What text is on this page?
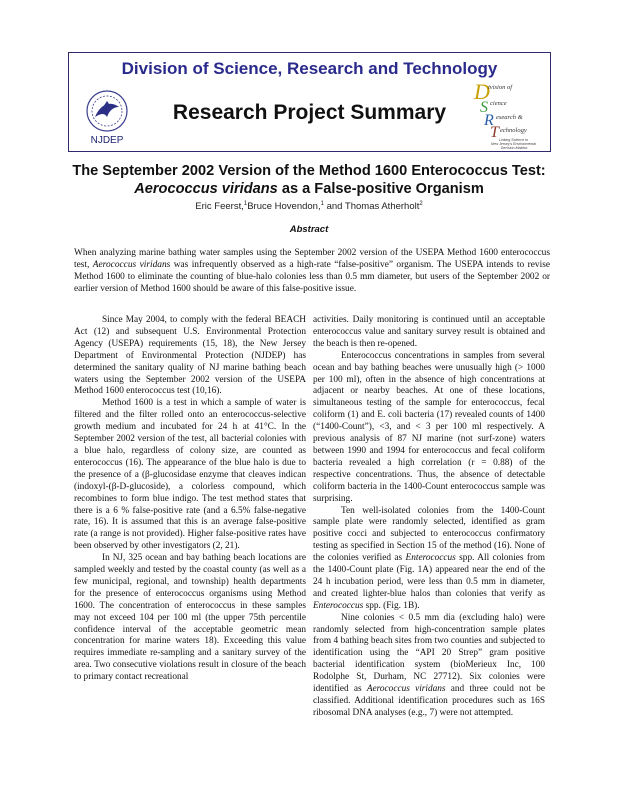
Division of Science, Research and Technology
NJDEP
Research Project Summary
D
S
R
T
ivision of
cience
esearch &
echnology
Linking Science to New Jersey's Environmental Decision-Making
The September 2002 Version of the Method 1600 Enterococcus Test:
Aerococcus viridans as a False-positive Organism
Eric Feerst,$^1$Bruce Hovendon,$^1$ and Thomas Atherholt$^2$
Abstract
When analyzing marine bathing water samples using the September 2002 version of the USEPA Method 1600 enterococcus test, Aerococcus viridans was infrequently observed as a high-rate “false-positive” organism. The USEPA intends to revise Method 1600 to eliminate the counting of blue-halo colonies less than 0.5 mm diameter, but users of the September 2002 or earlier version of Method 1600 should be aware of this false-positive issue.

Since May 2004, to comply with the federal BEACH Act (12) and subsequent U.S. Environmental Protection Agency (USEPA) requirements (15, 18), the New Jersey Department of Environmental Protection (NJDEP) has determined the sanitary quality of NJ marine bathing beach waters using the September 2002 version of the USEPA Method 1600 enterococcus test (10,16).

Method 1600 is a test in which a sample of water is filtered and the filter rolled onto an enterococcus-selective growth medium and incubated for 24 h at 41°C. In the September 2002 version of the test, all bacterial colonies with a blue halo, regardless of colony size, are counted as enterococcus (16). The appearance of the blue halo is due to the presence of a (β-glucosidase enzyme that cleaves indican (indoxyl-(β-D-glucoside), a colorless compound, which recombines to form blue indigo. The test method states that there is a 6 % false-positive rate (and a 6.5% false-negative rate, 16). It is assumed that this is an average false-positive rate (a range is not provided). Higher false-positive rates have been observed by other investigators (2, 21).

In NJ, 325 ocean and bay bathing beach locations are sampled weekly and tested by the coastal county (as well as a few municipal, regional, and township) health departments for the presence of enterococcus organisms using Method 1600. The concentration of enterococcus in these samples may not exceed 104 per 100 ml (the upper 75th percentile confidence interval of the acceptable geometric mean concentration for marine waters 18). Exceeding this value requires immediate re-sampling and a sanitary survey of the area. Two consecutive violations result in closure of the beach to primary contact recreational

activities. Daily monitoring is continued until an acceptable enterococcus value and sanitary survey result is obtained and the beach is then re-opened.

Enterococcus concentrations in samples from several ocean and bay bathing beaches were unusually high (> 1000 per 100 ml), often in the absence of high concentrations at adjacent or nearby beaches. At one of these locations, simultaneous testing of the sample for enterococcus, fecal coliform (1) and E. coli bacteria (17) revealed counts of 1400 (“1400-Count”), <3, and < 3 per 100 ml respectively. A previous analysis of 87 NJ marine (not surf-zone) waters between 1990 and 1994 for enterococcus and fecal coliform bacteria revealed a high correlation (r = 0.88) of the respective concentrations. Thus, the absence of detectable coliform bacteria in the 1400-Count enterococcus sample was surprising.

Ten well-isolated colonies from the 1400-Count sample plate were randomly selected, identified as gram positive cocci and subjected to enterococcus confirmatory testing as specified in Section 15 of the method (16). None of the colonies verified as Enterococcus spp. All colonies from the 1400-Count plate (Fig. 1A) appeared near the end of the 24 h incubation period, were less than 0.5 mm in diameter, and created lighter-blue halos than colonies that verify as Enterococcus spp. (Fig. 1B).

Nine colonies < 0.5 mm dia (excluding halo) were randomly selected from high-concentration sample plates from 4 bathing beach sites from two counties and subjected to identification using the “API 20 Strep” gram positive bacterial identification system (bioMerieux Inc, 100 Rodolphe St, Durham, NC 27712). Six colonies were identified as Aerococcus viridans and three could not be classified. Additional identification procedures such as 16S ribosomal DNA analyses (e.g., 7) were not attempted.
